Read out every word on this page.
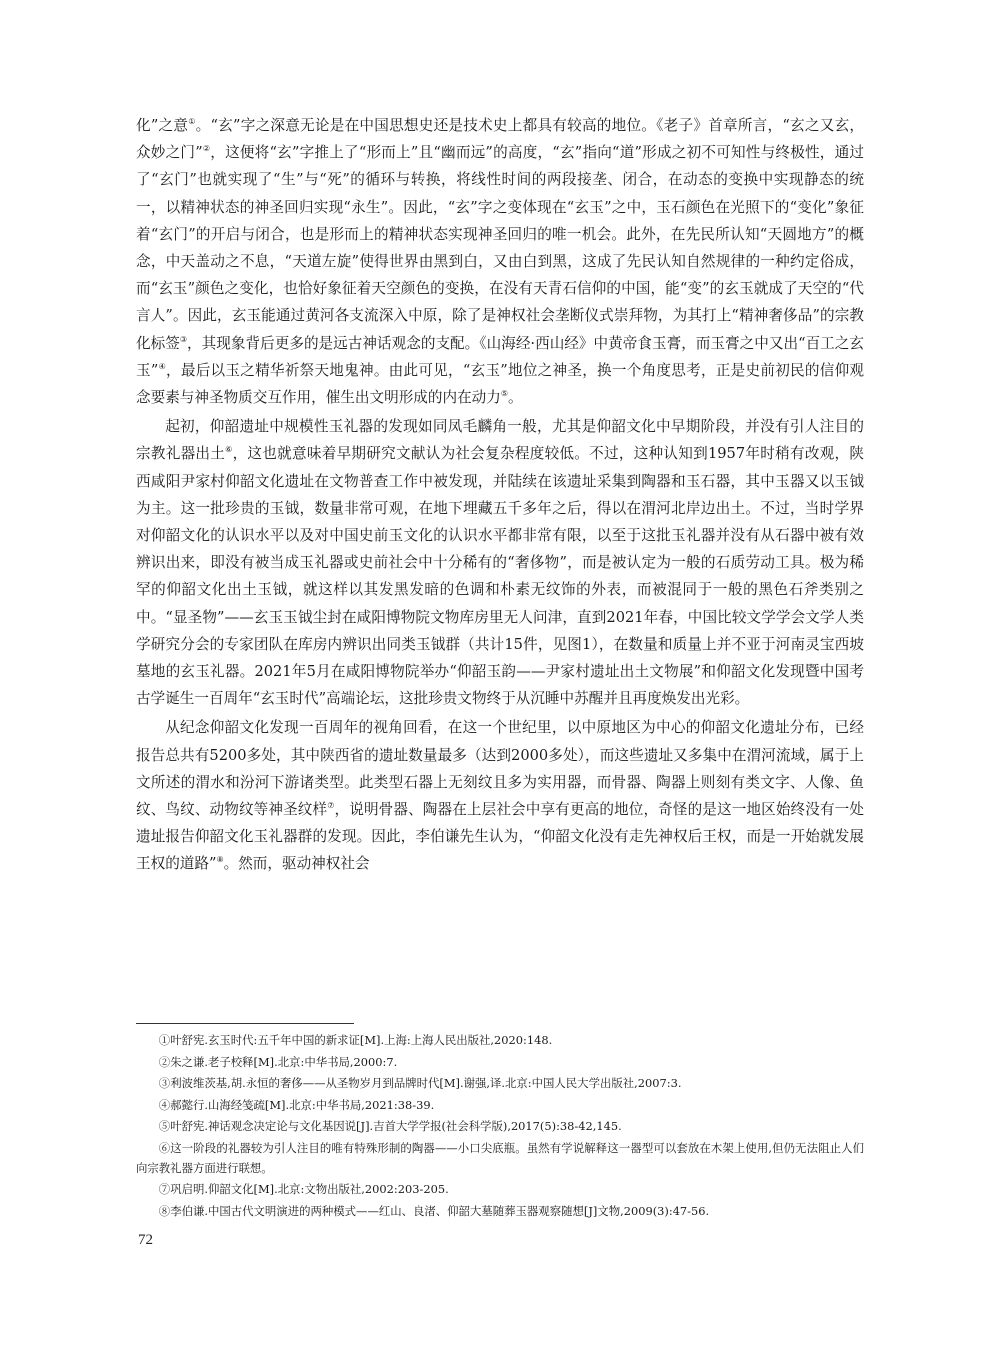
化”之意①。“玄”字之深意无论是在中国思想史还是技术史上都具有较高的地位。《老子》首章所言，“玄之又玄，众妙之门”②，这便将“玄”字推上了“形而上”且“幽而远”的高度，“玄”指向“道”形成之初不可知性与终极性，通过了“玄门”也就实现了“生”与“死”的循环与转换，将线性时间的两段接垄、闭合，在动态的变换中实现静态的统一，以精神状态的神圣回归实现“永生”。因此，“玄”字之变体现在“玄玉”之中，玉石颜色在光照下的“变化”象征着“玄门”的开启与闭合，也是形而上的精神状态实现神圣回归的唯一机会。此外，在先民所认知“天圆地方”的概念，中天盖动之不息，“天道左旋”使得世界由黑到白，又由白到黑，这成了先民认知自然规律的一种约定俗成，而“玄玉”颜色之变化，也恰好象征着天空颜色的变换，在没有天青石信仰的中国，能“变”的玄玉就成了天空的“代言人”。因此，玄玉能通过黄河各支流深入中原，除了是神权社会垄断仪式崇拜物，为其打上“精神奢侈品”的宗教化标签③，其现象背后更多的是远古神话观念的支配。《山海经·西山经》中黄帝食玉膏，而玉膏之中又出“百工之玄玉”④，最后以玉之精华祈祭天地鬼神。由此可见，“玄玉”地位之神圣，换一个角度思考，正是史前初民的信仰观念要素与神圣物质交互作用，催生出文明形成的内在动力⑤。

起初，仰韶遗址中规模性玉礼器的发现如同凤毛麟角一般，尤其是仰韶文化中早期阶段，并没有引人注目的宗教礼器出土⑥，这也就意味着早期研究文献认为社会复杂程度较低。不过，这种认知到1957年时稍有改观，陕西咸阳尹家村仰韶文化遗址在文物普查工作中被发现，并陆续在该遗址采集到陶器和玉石器，其中玉器又以玉钺为主。这一批珍贵的玉钺，数量非常可观，在地下埋藏五千多年之后，得以在渭河北岸边出土。不过，当时学界对仰韶文化的认识水平以及对中国史前玉文化的认识水平都非常有限，以至于这批玉礼器并没有从石器中被有效辨识出来，即没有被当成玉礼器或史前社会中十分稀有的“奢侈物”，而是被认定为一般的石质劳动工具。极为稀罕的仰韶文化出土玉钺，就这样以其发黑发暗的色调和朴素无纹饰的外表，而被混同于一般的黑色石斧类别之中。“显圣物”——玄玉玉钺尘封在咸阳博物院文物库房里无人问津，直到2021年春，中国比较文学学会文学人类学研究分会的专家团队在库房内辨识出同类玉钺群（共计15件，见图1），在数量和质量上并不亚于河南灵宝西坡墓地的玄玉礼器。2021年5月在咸阳博物院举办“仰韶玉韵——尹家村遗址出土文物展”和仰韶文化发现暨中国考古学诞生一百周年“玄玉时代”高端论坛，这批珍贵文物终于从沉睡中苏醒并且再度焕发出光彩。

从纪念仰韶文化发现一百周年的视角回看，在这一个世纪里，以中原地区为中心的仰韶文化遗址分布，已经报告总共有5200多处，其中陕西省的遗址数量最多（达到2000多处），而这些遗址又多集中在渭河流域，属于上文所述的渭水和汾河下游诸类型。此类型石器上无刻纹且多为实用器，而骨器、陶器上则刻有类文字、人像、鱼纹、鸟纹、动物纹等神圣纹样⑦，说明骨器、陶器在上层社会中享有更高的地位，奇怪的是这一地区始终没有一处遗址报告仰韶文化玉礼器群的发现。因此，李伯谦先生认为，“仰韶文化没有走先神权后王权，而是一开始就发展王权的道路”⑧。然而，驱动神权社会

①叶舒宪.玄玉时代:五千年中国的新求证[M].上海:上海人民出版社,2020:148.

②朱之谦.老子校释[M].北京:中华书局,2000:7.

③利波维茨基,胡.永恒的奢侈——从圣物岁月到品牌时代[M].谢强,译.北京:中国人民大学出版社,2007:3.

④郝懿行.山海经笺疏[M].北京:中华书局,2021:38-39.

⑤叶舒宪.神话观念决定论与文化基因说[J].吉首大学学报(社会科学版),2017(5):38-42,145.

⑥这一阶段的礼器较为引人注目的唯有特殊形制的陶器——小口尖底瓶。虽然有学说解释这一器型可以套放在木架上使用,但仍无法阻止人们向宗教礼器方面进行联想。

⑦巩启明.仰韶文化[M].北京:文物出版社,2002:203-205.

⑧李伯谦.中国古代文明演进的两种模式——红山、良渚、仰韶大墓随葬玉器观察随想[J]文物,2009(3):47-56.

72
